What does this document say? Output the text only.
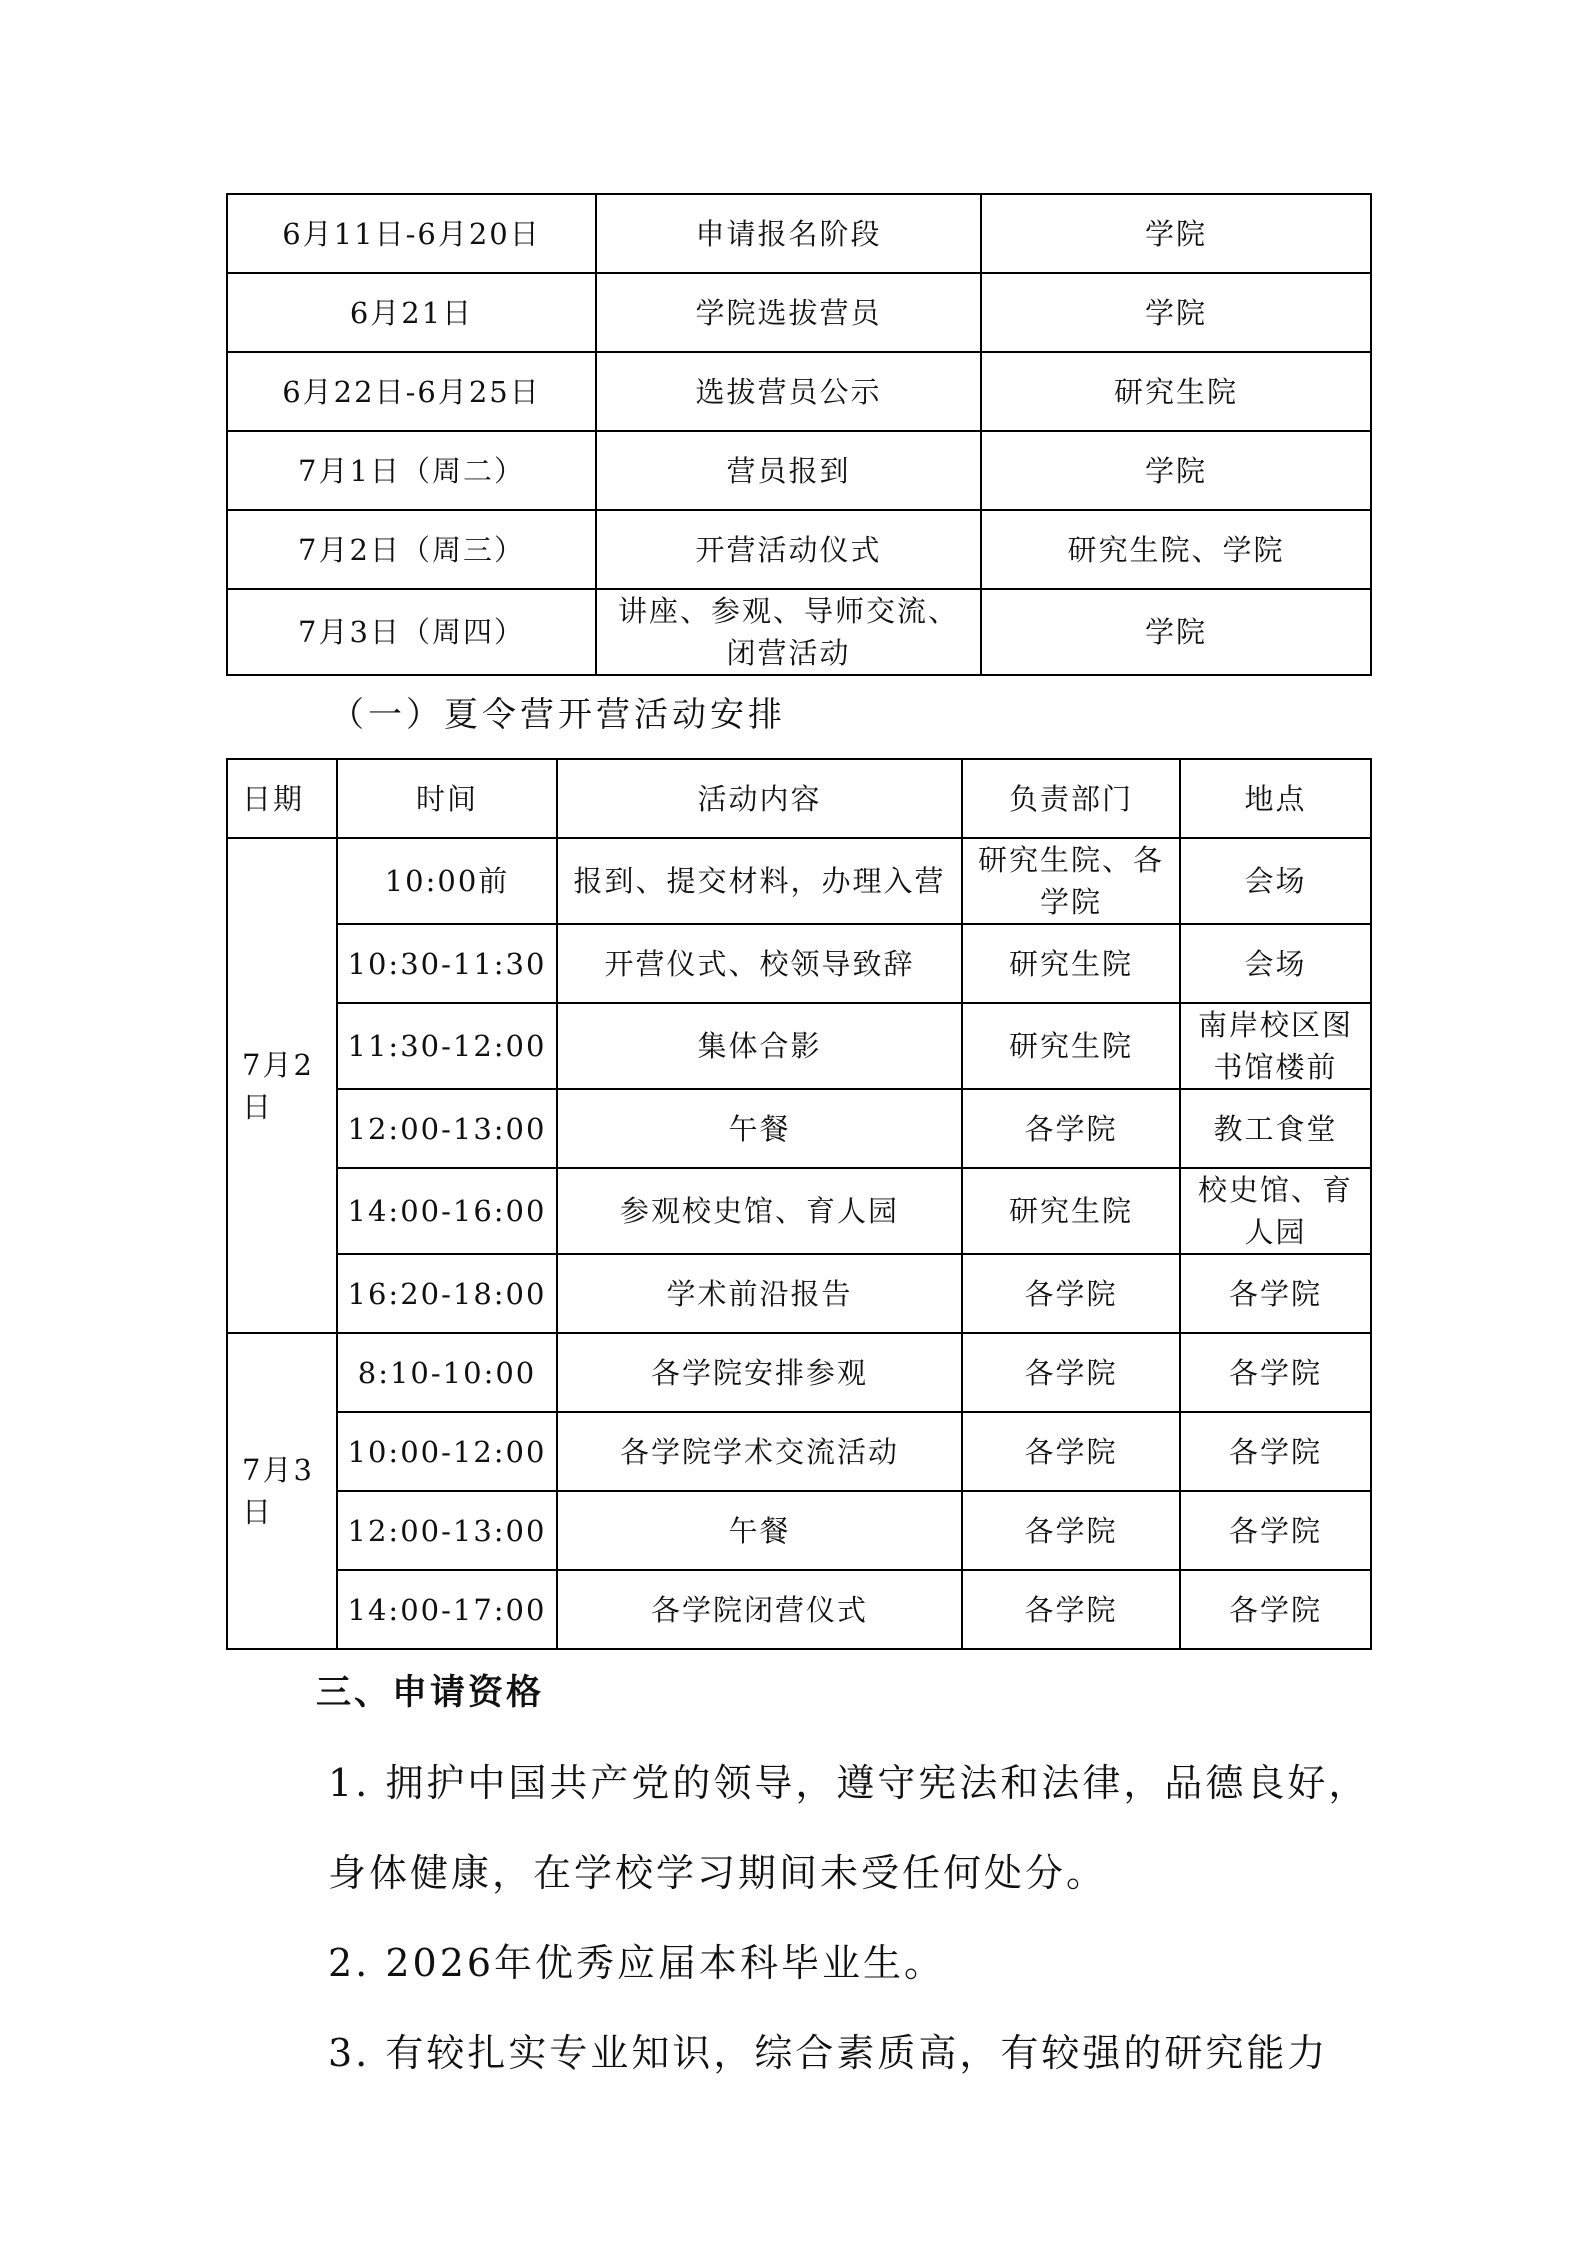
6月11日-6月20日	申请报名阶段	学院
6月21日	学院选拔营员	学院
6月22日-6月25日	选拔营员公示	研究生院
7月1日（周二）	营员报到	学院
7月2日（周三）	开营活动仪式	研究生院、学院
7月3日（周四）	讲座、参观、导师交流、闭营活动	学院
（一）夏令营开营活动安排
日期	时间	活动内容	负责部门	地点
7月2日	10:00前	报到、提交材料，办理入营	研究生院、各学院	会场
	10:30-11:30	开营仪式、校领导致辞	研究生院	会场
	11:30-12:00	集体合影	研究生院	南岸校区图书馆楼前
	12:00-13:00	午餐	各学院	教工食堂
	14:00-16:00	参观校史馆、育人园	研究生院	校史馆、育人园
	16:20-18:00	学术前沿报告	各学院	各学院
7月3日	8:10-10:00	各学院安排参观	各学院	各学院
	10:00-12:00	各学院学术交流活动	各学院	各学院
	12:00-13:00	午餐	各学院	各学院
	14:00-17:00	各学院闭营仪式	各学院	各学院
三、申请资格
1. 拥护中国共产党的领导，遵守宪法和法律，品德良好，身体健康，在学校学习期间未受任何处分。
2. 2026年优秀应届本科毕业生。
3. 有较扎实专业知识，综合素质高，有较强的研究能力
